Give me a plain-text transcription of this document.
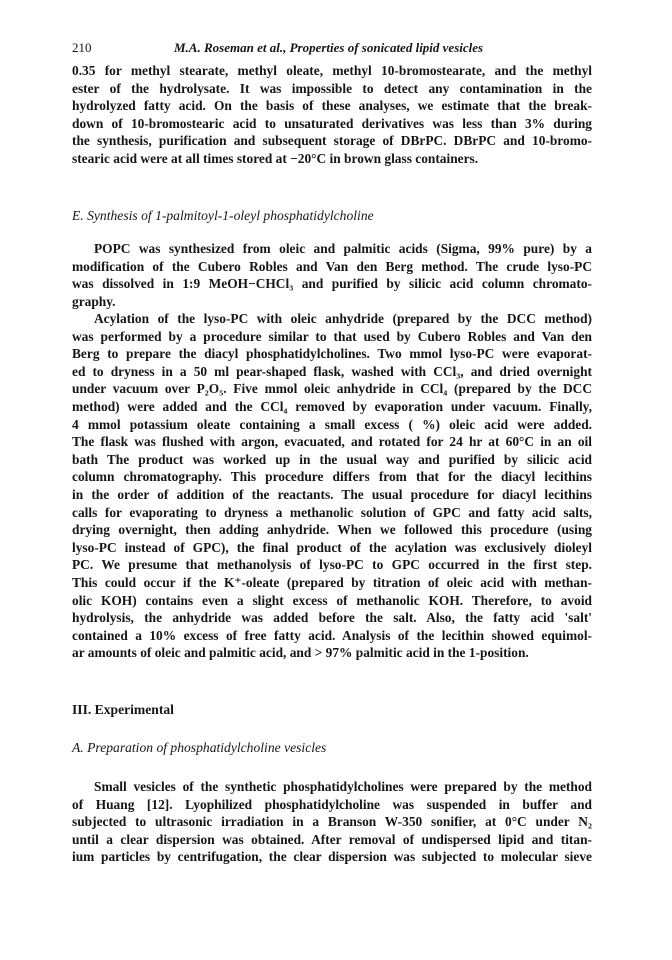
210	M.A. Roseman et al., Properties of sonicated lipid vesicles
0.35 for methyl stearate, methyl oleate, methyl 10-bromostearate, and the methyl
ester of the hydrolysate. It was impossible to detect any contamination in the
hydrolyzed fatty acid. On the basis of these analyses, we estimate that the break-
down of 10-bromostearic acid to unsaturated derivatives was less than 3% during
the synthesis, purification and subsequent storage of DBrPC. DBrPC and 10-bromo-
stearic acid were at all times stored at −20°C in brown glass containers.
E. Synthesis of 1-palmitoyl-1-oleyl phosphatidylcholine
POPC was synthesized from oleic and palmitic acids (Sigma, 99% pure) by a
modification of the Cubero Robles and Van den Berg method. The crude lyso-PC
was dissolved in 1:9 MeOH−CHCl₃ and purified by silicic acid column chromato-
graphy.
Acylation of the lyso-PC with oleic anhydride (prepared by the DCC method)
was performed by a procedure similar to that used by Cubero Robles and Van den
Berg to prepare the diacyl phosphatidylcholines. Two mmol lyso-PC were evaporat-
ed to dryness in a 50 ml pear-shaped flask, washed with CCl₃, and dried overnight
under vacuum over P₂O₅. Five mmol oleic anhydride in CCl₄ (prepared by the DCC
method) were added and the CCl₄ removed by evaporation under vacuum. Finally,
4 mmol potassium oleate containing a small excess ( %) oleic acid were added.
The flask was flushed with argon, evacuated, and rotated for 24 hr at 60°C in an oil
bath The product was worked up in the usual way and purified by silicic acid
column chromatography. This procedure differs from that for the diacyl lecithins
in the order of addition of the reactants. The usual procedure for diacyl lecithins
calls for evaporating to dryness a methanolic solution of GPC and fatty acid salts,
drying overnight, then adding anhydride. When we followed this procedure (using
lyso-PC instead of GPC), the final product of the acylation was exclusively dioleyl
PC. We presume that methanolysis of lyso-PC to GPC occurred in the first step.
This could occur if the K⁺-oleate (prepared by titration of oleic acid with methan-
olic KOH) contains even a slight excess of methanolic KOH. Therefore, to avoid
hydrolysis, the anhydride was added before the salt. Also, the fatty acid 'salt'
contained a 10% excess of free fatty acid. Analysis of the lecithin showed equimol-
ar amounts of oleic and palmitic acid, and > 97% palmitic acid in the 1-position.
III. Experimental
A. Preparation of phosphatidylcholine vesicles
Small vesicles of the synthetic phosphatidylcholines were prepared by the method
of Huang [12]. Lyophilized phosphatidylcholine was suspended in buffer and
subjected to ultrasonic irradiation in a Branson W-350 sonifier, at 0°C under N₂
until a clear dispersion was obtained. After removal of undispersed lipid and titan-
ium particles by centrifugation, the clear dispersion was subjected to molecular sieve
